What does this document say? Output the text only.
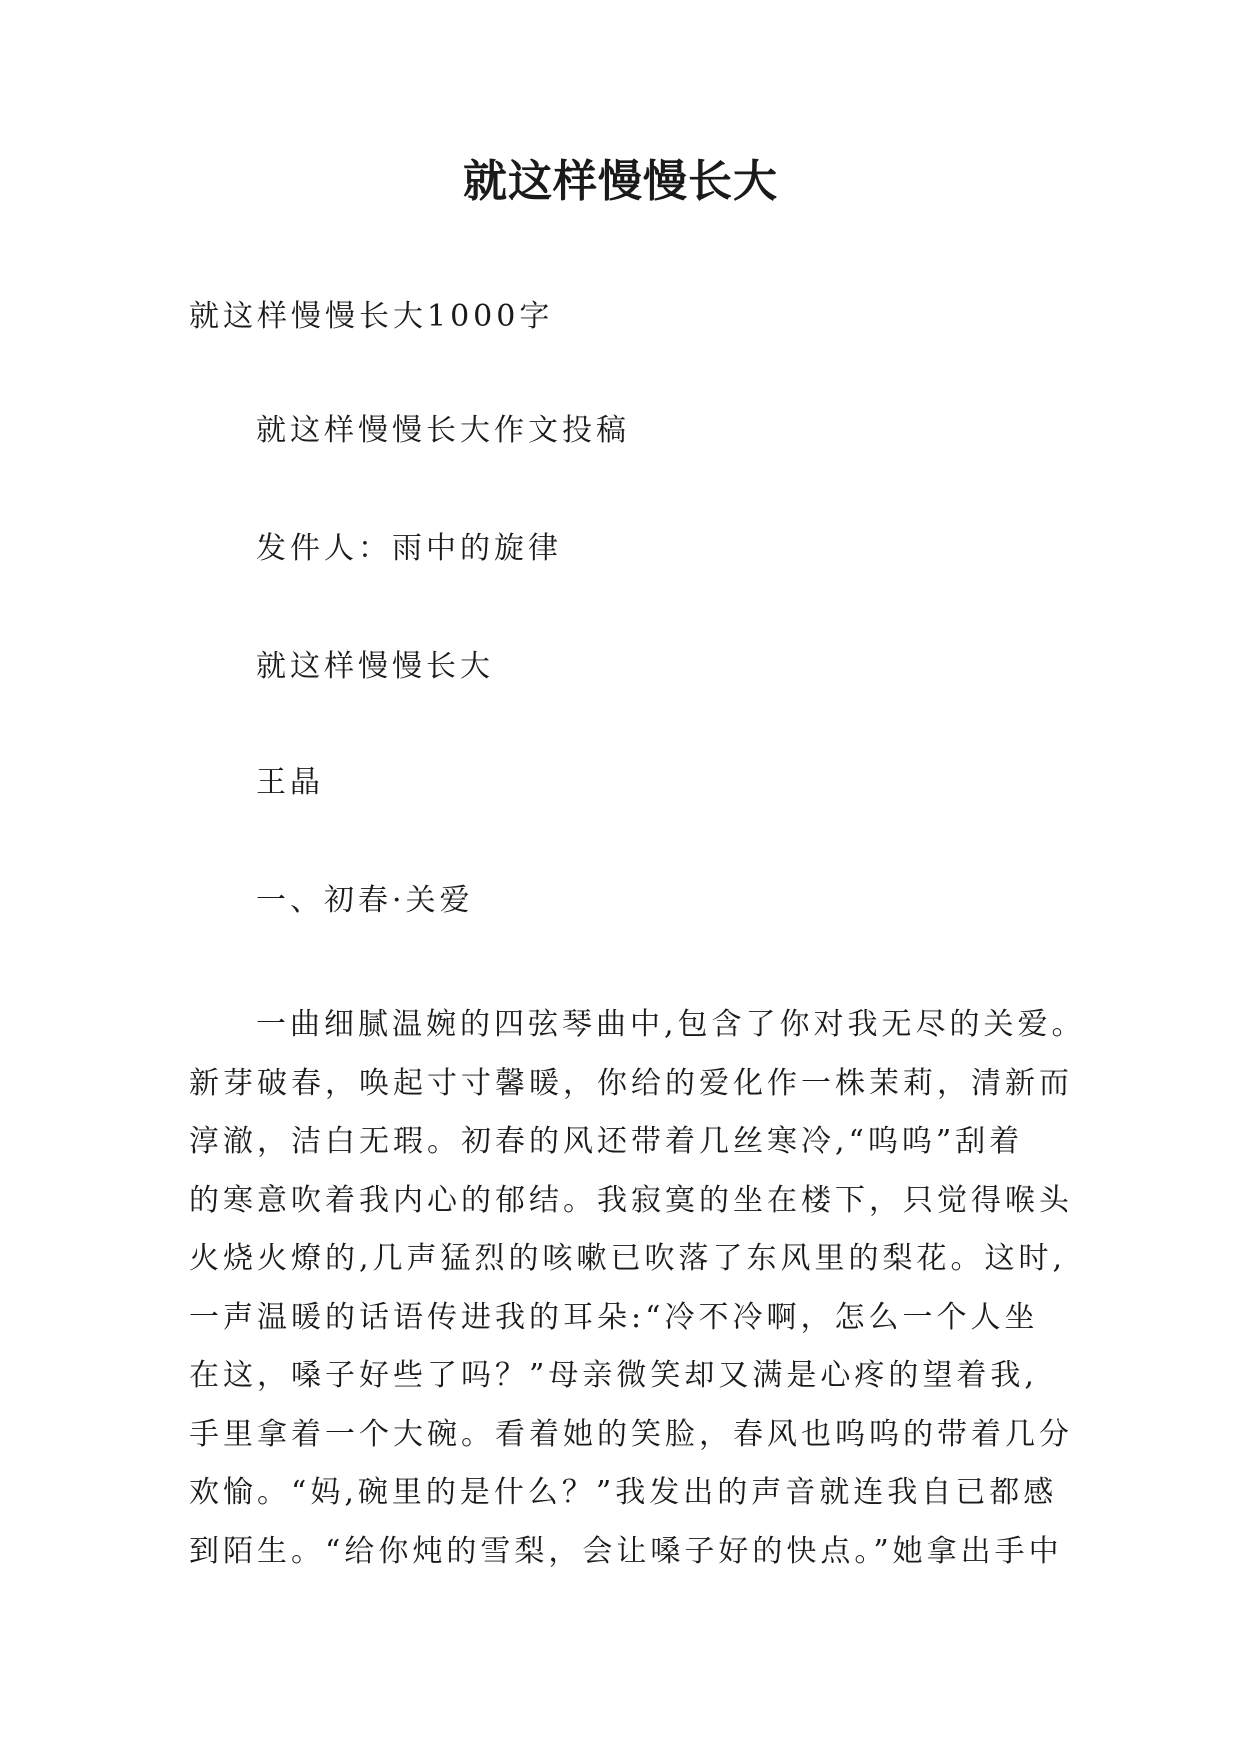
就这样慢慢长大
就这样慢慢长大1000字
就这样慢慢长大作文投稿
发件人：雨中的旋律
就这样慢慢长大
王晶
一、初春·关爱
一曲细腻温婉的四弦琴曲中,包含了你对我无尽的关爱。
新芽破春，唤起寸寸馨暖，你给的爱化作一株茉莉，清新而
淳澈，洁白无瑕。初春的风还带着几丝寒冷,“呜呜”刮着
的寒意吹着我内心的郁结。我寂寞的坐在楼下，只觉得喉头
火烧火燎的,几声猛烈的咳嗽已吹落了东风里的梨花。这时,
一声温暖的话语传进我的耳朵:“冷不冷啊，怎么一个人坐
在这，嗓子好些了吗？”母亲微笑却又满是心疼的望着我,
手里拿着一个大碗。看着她的笑脸，春风也呜呜的带着几分
欢愉。“妈,碗里的是什么？”我发出的声音就连我自已都感
到陌生。“给你炖的雪梨，会让嗓子好的快点。”她拿出手中
